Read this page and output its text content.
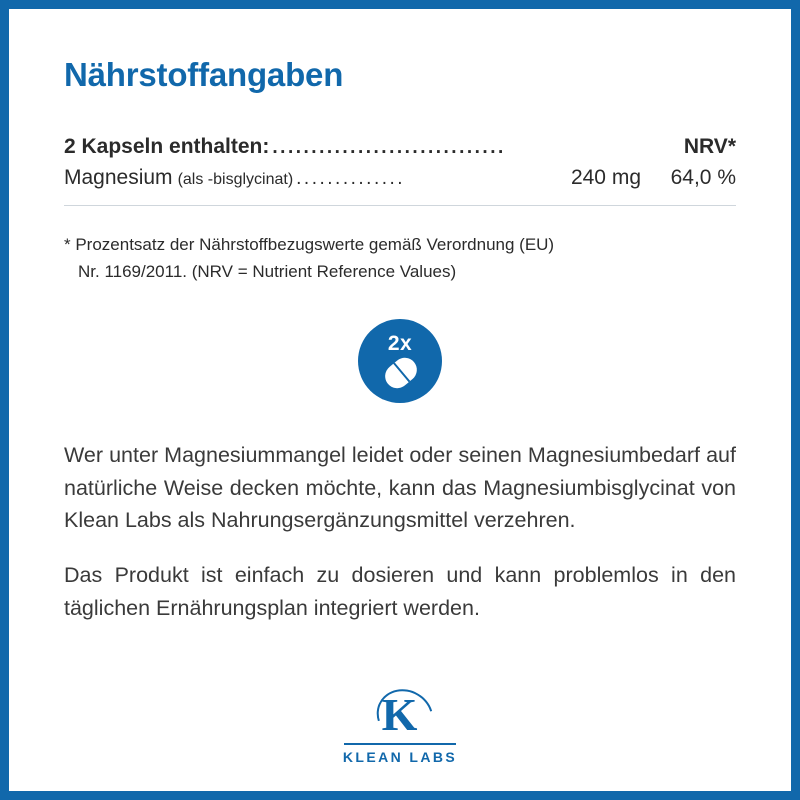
Nährstoffangaben
2 Kapseln enthalten: ..............................	NRV*
Magnesium (als -bisglycinat) ..............	240 mg	64,0 %
* Prozentsatz der Nährstoffbezugswerte gemäß Verordnung (EU)
Nr. 1169/2011. (NRV = Nutrient Reference Values)
2x

Wer unter Magnesiummangel leidet oder seinen Magnesiumbedarf auf natürliche Weise decken möchte, kann das Magnesiumbisglycinat von Klean Labs als Nahrungsergänzungsmittel verzehren.

Das Produkt ist einfach zu dosieren und kann problemlos in den täglichen Ernährungsplan integriert werden.

K
KLEAN LABS
